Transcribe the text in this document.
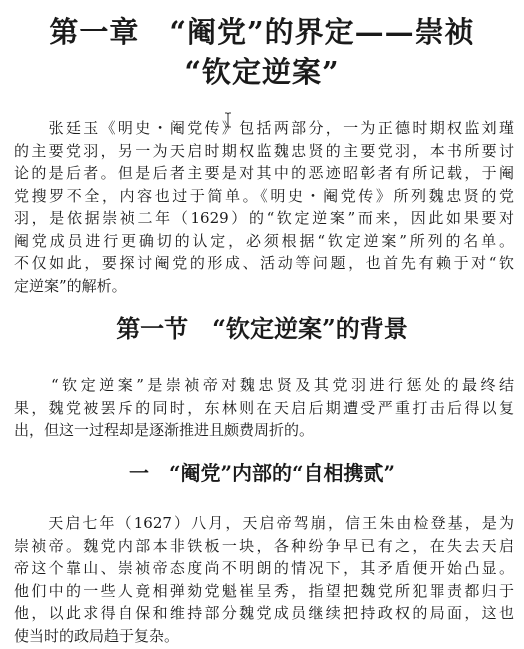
第一章　“阉党”的界定——崇祯
“钦定逆案”
　　张廷玉《明史・阉党传》包括两部分，一为正德时期权监刘瑾
的主要党羽，另一为天启时期权监魏忠贤的主要党羽，本书所要讨
论的是后者。但是后者主要是对其中的恶迹昭彰者有所记载，于阉
党搜罗不全，内容也过于简单。《明史・阉党传》所列魏忠贤的党
羽，是依据崇祯二年（1629）的“钦定逆案”而来，因此如果要对
阉党成员进行更确切的认定，必须根据“钦定逆案”所列的名单。
不仅如此，要探讨阉党的形成、活动等问题，也首先有赖于对“钦
定逆案”的解析。
第一节　“钦定逆案”的背景
　　“钦定逆案”是崇祯帝对魏忠贤及其党羽进行惩处的最终结
果，魏党被罢斥的同时，东林则在天启后期遭受严重打击后得以复
出，但这一过程却是逐渐推进且颇费周折的。
一　“阉党”内部的“自相携贰”
　　天启七年（1627）八月，天启帝驾崩，信王朱由检登基，是为
崇祯帝。魏党内部本非铁板一块，各种纷争早已有之，在失去天启
帝这个靠山、崇祯帝态度尚不明朗的情况下，其矛盾便开始凸显。
他们中的一些人竟相弹劾党魁崔呈秀，指望把魏党所犯罪责都归于
他，以此求得自保和维持部分魏党成员继续把持政权的局面，这也
使当时的政局趋于复杂。
